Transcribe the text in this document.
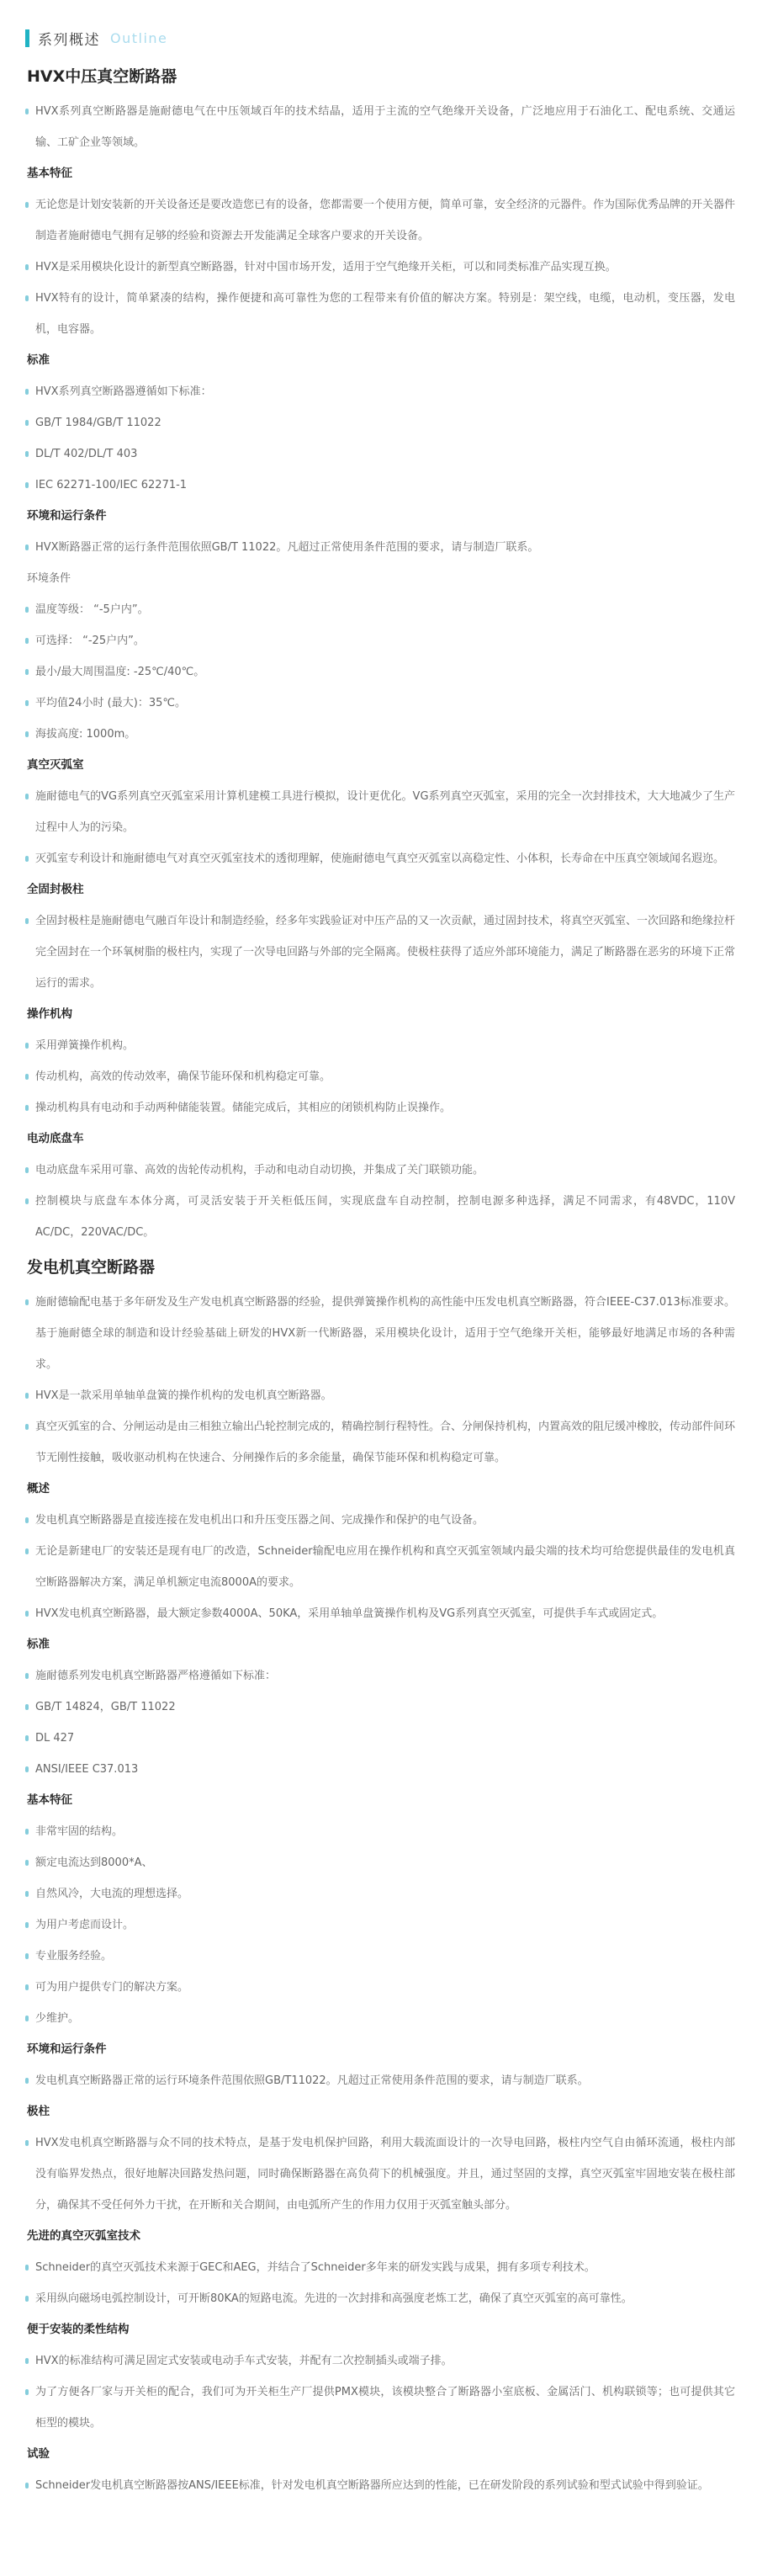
系列概述 Outline
HVX中压真空断路器
HVX系列真空断路器是施耐德电气在中压领域百年的技术结晶，适用于主流的空气绝缘开关设备，广泛地应用于石油化工、配电系统、交通运输、工矿企业等领域。
基本特征
无论您是计划安装新的开关设备还是要改造您已有的设备，您都需要一个使用方便，简单可靠，安全经济的元器件。作为国际优秀品牌的开关器件制造者施耐德电气拥有足够的经验和资源去开发能满足全球客户要求的开关设备。
HVX是采用模块化设计的新型真空断路器，针对中国市场开发，适用于空气绝缘开关柜，可以和同类标准产品实现互换。
HVX特有的设计，简单紧凑的结构，操作便捷和高可靠性为您的工程带来有价值的解决方案。特别是：架空线，电缆，电动机，变压器，发电机，电容器。
标准
HVX系列真空断路器遵循如下标准：
GB/T 1984/GB/T 11022
DL/T 402/DL/T 403
IEC 62271-100/IEC 62271-1
环境和运行条件
HVX断路器正常的运行条件范围依照GB/T 11022。凡超过正常使用条件范围的要求，请与制造厂联系。
环境条件
温度等级： “-5户内”。
可选择： “-25户内”。
最小/最大周围温度: -25℃/40℃。
平均值24小时 (最大)：35℃。
海拔高度: 1000m。
真空灭弧室
施耐德电气的VG系列真空灭弧室采用计算机建模工具进行模拟，设计更优化。VG系列真空灭弧室，采用的完全一次封排技术，大大地减少了生产过程中人为的污染。
灭弧室专利设计和施耐德电气对真空灭弧室技术的透彻理解，使施耐德电气真空灭弧室以高稳定性、小体积，长寿命在中压真空领域闻名遐迩。
全固封极柱
全固封极柱是施耐德电气融百年设计和制造经验，经多年实践验证对中压产品的又一次贡献，通过固封技术，将真空灭弧室、一次回路和绝缘拉杆完全固封在一个环氧树脂的极柱内，实现了一次导电回路与外部的完全隔离。使极柱获得了适应外部环境能力，满足了断路器在恶劣的环境下正常运行的需求。
操作机构
采用弹簧操作机构。
传动机构，高效的传动效率，确保节能环保和机构稳定可靠。
操动机构具有电动和手动两种储能装置。储能完成后，其相应的闭锁机构防止误操作。
电动底盘车
电动底盘车采用可靠、高效的齿轮传动机构，手动和电动自动切换，并集成了关门联锁功能。
控制模块与底盘车本体分离，可灵活安装于开关柜低压间，实现底盘车自动控制，控制电源多种选择，满足不同需求，有48VDC，110V AC/DC，220VAC/DC。
发电机真空断路器
施耐德输配电基于多年研发及生产发电机真空断路器的经验，提供弹簧操作机构的高性能中压发电机真空断路器，符合IEEE-C37.013标准要求。基于施耐德全球的制造和设计经验基础上研发的HVX新一代断路器，采用模块化设计，适用于空气绝缘开关柜，能够最好地满足市场的各种需求。
HVX是一款采用单轴单盘簧的操作机构的发电机真空断路器。
真空灭弧室的合、分闸运动是由三相独立输出凸轮控制完成的，精确控制行程特性。合、分闸保持机构，内置高效的阻尼缓冲橡胶，传动部件间环节无刚性接触，吸收驱动机构在快速合、分闸操作后的多余能量，确保节能环保和机构稳定可靠。
概述
发电机真空断路器是直接连接在发电机出口和升压变压器之间、完成操作和保护的电气设备。
无论是新建电厂的安装还是现有电厂的改造，Schneider输配电应用在操作机构和真空灭弧室领域内最尖端的技术均可给您提供最佳的发电机真空断路器解决方案，满足单机额定电流8000A的要求。
HVX发电机真空断路器，最大额定参数4000A、50KA，采用单轴单盘簧操作机构及VG系列真空灭弧室，可提供手车式或固定式。
标准
施耐德系列发电机真空断路器严格遵循如下标准：
GB/T 14824，GB/T 11022
DL 427
ANSI/IEEE C37.013
基本特征
非常牢固的结构。
额定电流达到8000*A、
自然风冷，大电流的理想选择。
为用户考虑而设计。
专业服务经验。
可为用户提供专门的解决方案。
少维护。
环境和运行条件
发电机真空断路器正常的运行环境条件范围依照GB/T11022。凡超过正常使用条件范围的要求，请与制造厂联系。
极柱
HVX发电机真空断路器与众不同的技术特点，是基于发电机保护回路，利用大载流面设计的一次导电回路，极柱内空气自由循环流通，极柱内部没有临界发热点，很好地解决回路发热问题，同时确保断路器在高负荷下的机械强度。并且，通过坚固的支撑，真空灭弧室牢固地安装在极柱部分，确保其不受任何外力干扰，在开断和关合期间，由电弧所产生的作用力仅用于灭弧室触头部分。
先进的真空灭弧室技术
Schneider的真空灭弧技术来源于GEC和AEG，并结合了Schneider多年来的研发实践与成果，拥有多项专利技术。
采用纵向磁场电弧控制设计，可开断80KA的短路电流。先进的一次封排和高强度老炼工艺，确保了真空灭弧室的高可靠性。
便于安装的柔性结构
HVX的标准结构可满足固定式安装或电动手车式安装，并配有二次控制插头或端子排。
为了方便各厂家与开关柜的配合，我们可为开关柜生产厂提供PMX模块，该模块整合了断路器小室底板、金属活门、机构联锁等；也可提供其它柜型的模块。
试验
Schneider发电机真空断路器按ANS/IEEE标准，针对发电机真空断路器所应达到的性能，已在研发阶段的系列试验和型式试验中得到验证。
